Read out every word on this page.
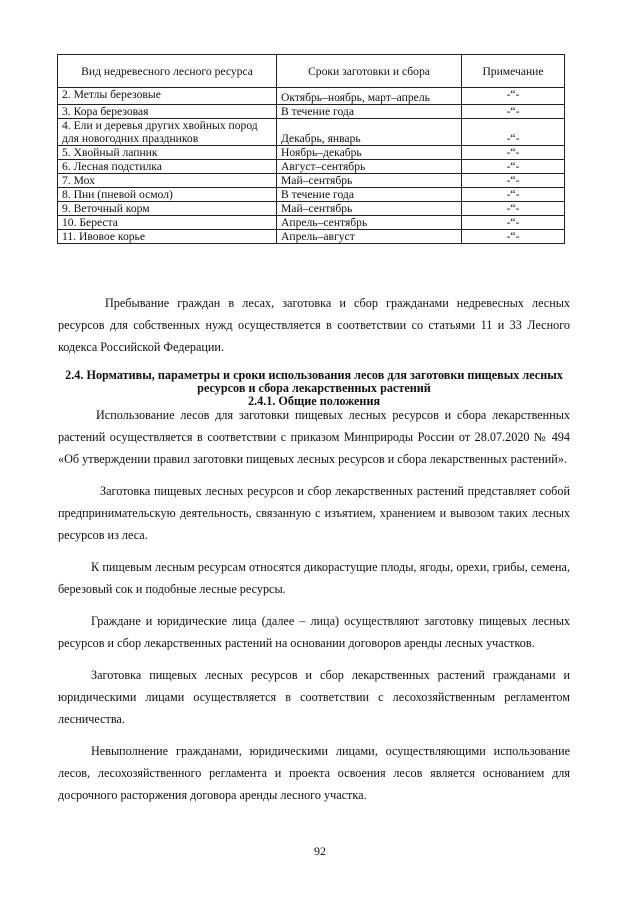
Вид недревесного лесного ресурса	Сроки заготовки и сбора	Примечание
2. Метлы березовые	Октябрь–ноябрь, март–апрель	-“-
3. Кора березовая	В течение года	-“-
4. Ели и деревья других хвойных пород для новогодних праздников	Декабрь, январь	-“-
5. Хвойный лапник	Ноябрь–декабрь	-“-
6. Лесная подстилка	Август–сентябрь	-“-
7. Мох	Май–сентябрь	-“-
8. Пни (пневой осмол)	В течение года	-“-
9. Веточный корм	Май–сентябрь	-“-
10. Береста	Апрель–сентябрь	-“-
11. Ивовое корье	Апрель–август	-“-

Пребывание граждан в лесах, заготовка и сбор гражданами недревесных лесных ресурсов для собственных нужд осуществляется в соответствии со статьями 11 и 33 Лесного кодекса Российской Федерации.

2.4. Нормативы, параметры и сроки использования лесов для заготовки пищевых лесных ресурсов и сбора лекарственных растений
2.4.1. Общие положения

Использование лесов для заготовки пищевых лесных ресурсов и сбора лекарственных растений осуществляется в соответствии с приказом Минприроды России от 28.07.2020 № 494 «Об утверждении правил заготовки пищевых лесных ресурсов и сбора лекарственных растений».

Заготовка пищевых лесных ресурсов и сбор лекарственных растений представляет собой предпринимательскую деятельность, связанную с изъятием, хранением и вывозом таких лесных ресурсов из леса.

К пищевым лесным ресурсам относятся дикорастущие плоды, ягоды, орехи, грибы, семена, березовый сок и подобные лесные ресурсы.

Граждане и юридические лица (далее – лица) осуществляют заготовку пищевых лесных ресурсов и сбор лекарственных растений на основании договоров аренды лесных участков.

Заготовка пищевых лесных ресурсов и сбор лекарственных растений гражданами и юридическими лицами осуществляется в соответствии с лесохозяйственным регламентом лесничества.

Невыполнение гражданами, юридическими лицами, осуществляющими использование лесов, лесохозяйственного регламента и проекта освоения лесов является основанием для досрочного расторжения договора аренды лесного участка.

92
